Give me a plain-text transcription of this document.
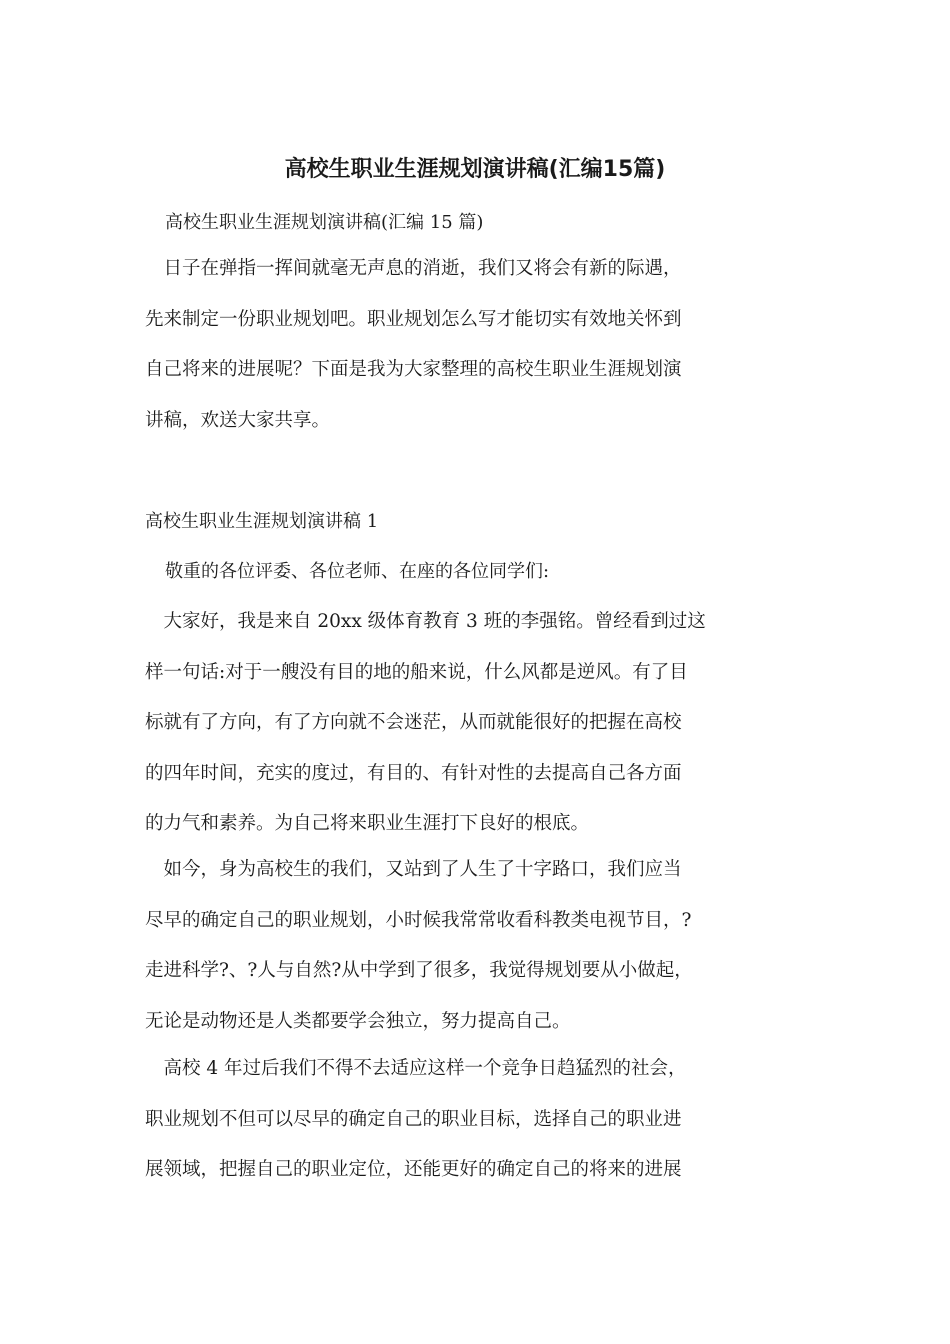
高校生职业生涯规划演讲稿(汇编15篇)

高校生职业生涯规划演讲稿(汇编 15 篇)

　日子在弹指一挥间就毫无声息的消逝，我们又将会有新的际遇，
先来制定一份职业规划吧。职业规划怎么写才能切实有效地关怀到
自己将来的进展呢？下面是我为大家整理的高校生职业生涯规划演
讲稿，欢送大家共享。

高校生职业生涯规划演讲稿 1

敬重的各位评委、各位老师、在座的各位同学们:

　大家好，我是来自 20xx 级体育教育 3 班的李强铭。曾经看到过这
样一句话:对于一艘没有目的地的船来说，什么风都是逆风。有了目
标就有了方向，有了方向就不会迷茫，从而就能很好的把握在高校
的四年时间，充实的度过，有目的、有针对性的去提高自己各方面
的力气和素养。为自己将来职业生涯打下良好的根底。

　如今，身为高校生的我们，又站到了人生了十字路口，我们应当
尽早的确定自己的职业规划，小时候我常常收看科教类电视节目，?
走进科学?、?人与自然?从中学到了很多，我觉得规划要从小做起，
无论是动物还是人类都要学会独立，努力提高自己。

　高校 4 年过后我们不得不去适应这样一个竞争日趋猛烈的社会，
职业规划不但可以尽早的确定自己的职业目标，选择自己的职业进
展领域，把握自己的职业定位，还能更好的确定自己的将来的进展
